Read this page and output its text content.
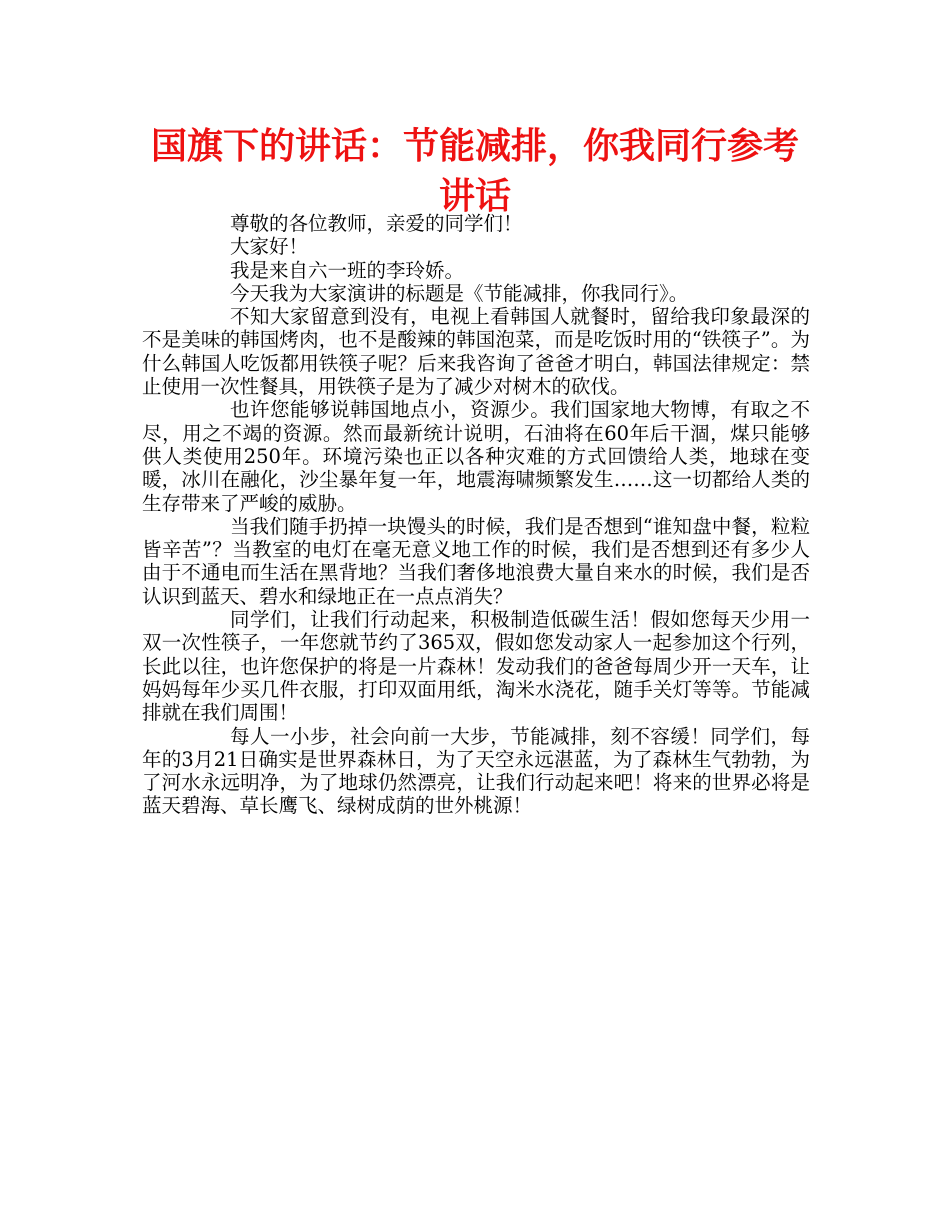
国旗下的讲话：节能减排，你我同行参考讲话

尊敬的各位教师，亲爱的同学们！

大家好！

我是来自六一班的李玲娇。

今天我为大家演讲的标题是《节能减排，你我同行》。

不知大家留意到没有，电视上看韩国人就餐时，留给我印象最深的不是美味的韩国烤肉，也不是酸辣的韩国泡菜，而是吃饭时用的“铁筷子”。为什么韩国人吃饭都用铁筷子呢？后来我咨询了爸爸才明白，韩国法律规定：禁止使用一次性餐具，用铁筷子是为了减少对树木的砍伐。

也许您能够说韩国地点小，资源少。我们国家地大物博，有取之不尽，用之不竭的资源。然而最新统计说明，石油将在60年后干涸，煤只能够供人类使用250年。环境污染也正以各种灾难的方式回馈给人类，地球在变暖，冰川在融化，沙尘暴年复一年，地震海啸频繁发生……这一切都给人类的生存带来了严峻的威胁。

当我们随手扔掉一块馒头的时候，我们是否想到“谁知盘中餐，粒粒皆辛苦”？当教室的电灯在毫无意义地工作的时候，我们是否想到还有多少人由于不通电而生活在黑背地？当我们奢侈地浪费大量自来水的时候，我们是否认识到蓝天、碧水和绿地正在一点点消失？

同学们，让我们行动起来，积极制造低碳生活！假如您每天少用一双一次性筷子，一年您就节约了365双，假如您发动家人一起参加这个行列，长此以往，也许您保护的将是一片森林！发动我们的爸爸每周少开一天车，让妈妈每年少买几件衣服，打印双面用纸，淘米水浇花，随手关灯等等。节能减排就在我们周围！

每人一小步，社会向前一大步，节能减排，刻不容缓！同学们，每年的3月21日确实是世界森林日，为了天空永远湛蓝，为了森林生气勃勃，为了河水永远明净，为了地球仍然漂亮，让我们行动起来吧！将来的世界必将是蓝天碧海、草长鹰飞、绿树成荫的世外桃源！
